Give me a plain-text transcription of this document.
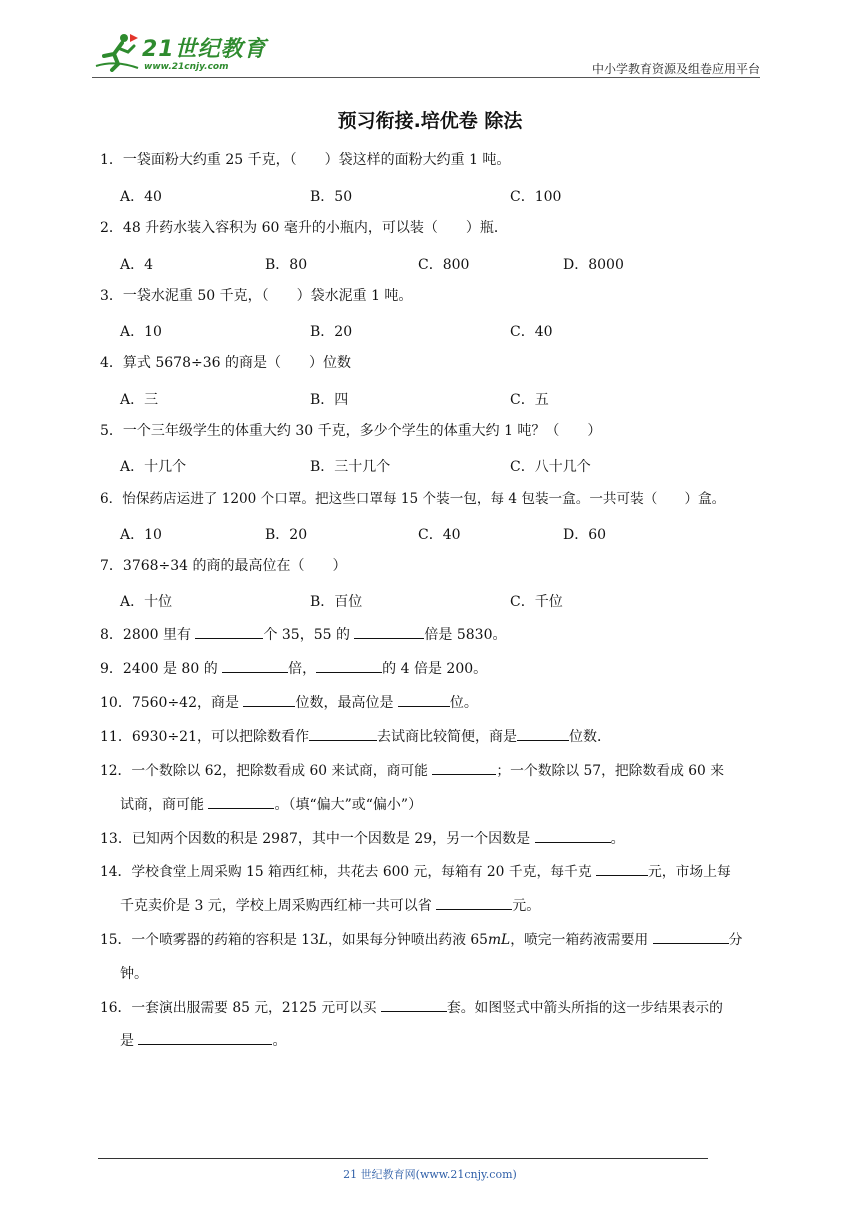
21世纪教育
www.21cnjy.com	中小学教育资源及组卷应用平台
预习衔接.培优卷 除法
1．一袋面粉大约重 25 千克，（　　）袋这样的面粉大约重 1 吨。
A．40	B．50	C．100
2．48 升药水装入容积为 60 毫升的小瓶内，可以装（　　）瓶．
A．4	B．80	C．800	D．8000
3．一袋水泥重 50 千克，（　　）袋水泥重 1 吨。
A．10	B．20	C．40
4．算式 5678÷36 的商是（　　）位数
A．三	B．四	C．五
5．一个三年级学生的体重大约 30 千克，多少个学生的体重大约 1 吨？（　　）
A．十几个	B．三十几个	C．八十几个
6．怡保药店运进了 1200 个口罩。把这些口罩每 15 个装一包，每 4 包装一盒。一共可装（　　）盒。
A．10	B．20	C．40	D．60
7．3768÷34 的商的最高位在（　　）
A．十位	B．百位	C．千位
8．2800 里有	个 35，55 的	倍是 5830。
9．2400 是 80 的	倍，	的 4 倍是 200。
10．7560÷42，商是	位数，最高位是	位。
11．6930÷21，可以把除数看作	去试商比较简便，商是	位数．
12．一个数除以 62，把除数看成 60 来试商，商可能	；一个数除以 57，把除数看成 60 来
试商，商可能	。（填“偏大”或“偏小”）
13．已知两个因数的积是 2987，其中一个因数是 29，另一个因数是	。
14．学校食堂上周采购 15 箱西红柿，共花去 600 元，每箱有 20 千克，每千克	元，市场上每
千克卖价是 3 元，学校上周采购西红柿一共可以省	元。
15．一个喷雾器的药箱的容积是 13L，如果每分钟喷出药液 65mL，喷完一箱药液需要用	分
钟。
16．一套演出服需要 85 元，2125 元可以买	套。如图竖式中箭头所指的这一步结果表示的
是	。
21 世纪教育网(www.21cnjy.com)
